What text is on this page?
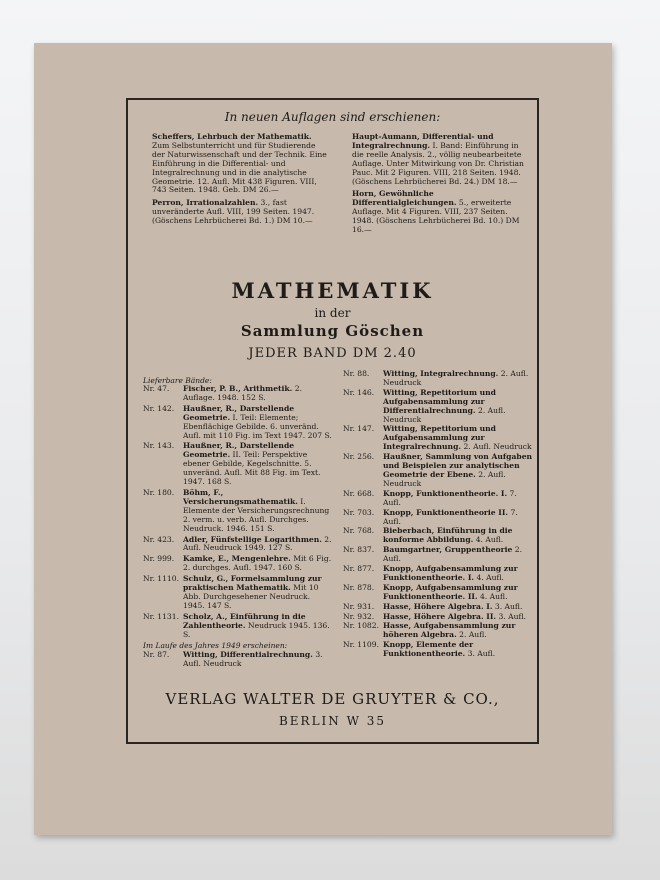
In neuen Auflagen sind erschienen:
Scheffers, Lehrbuch der Mathematik. Zum Selbstunterricht und für Studierende der Naturwissenschaft und der Technik. Eine Einführung in die Differential- und Integralrechnung und in die analytische Geometrie. 12. Aufl. Mit 438 Figuren. VIII, 743 Seiten. 1948. Geb. DM 26.—
Perron, Irrationalzahlen. 3., fast unveränderte Aufl. VIII, 199 Seiten. 1947. (Göschens Lehrbücherei Bd. 1.) DM 10.—
Haupt-Aumann, Differential- und Integralrechnung. I. Band: Einführung in die reelle Analysis. 2., völlig neubearbeitete Auflage. Unter Mitwirkung von Dr. Christian Pauc. Mit 2 Figuren. VIII, 218 Seiten. 1948. (Göschens Lehrbücherei Bd. 24.) DM 18.—
Horn, Gewöhnliche Differentialgleichungen. 5., erweiterte Auflage. Mit 4 Figuren. VIII, 237 Seiten. 1948. (Göschens Lehrbücherei Bd. 10.) DM 16.—
MATHEMATIK
in der
Sammlung Göschen
JEDER BAND DM 2.40
Lieferbare Bände:
Nr. 47.	Fischer, P. B., Arithmetik. 2. Auflage. 1948. 152 S.
Nr. 142.	Haußner, R., Darstellende Geometrie. I. Teil: Elemente; Ebenflächige Gebilde. 6. unveränd. Aufl. mit 110 Fig. im Text 1947. 207 S.
Nr. 143.	Haußner, R., Darstellende Geometrie. II. Teil: Perspektive ebener Gebilde, Kegelschnitte. 5. unveränd. Aufl. Mit 88 Fig. im Text. 1947. 168 S.
Nr. 180.	Böhm, F., Versicherungsmathematik. I. Elemente der Versicherungsrechnung 2. verm. u. verb. Aufl. Durchges. Neudruck. 1946. 151 S.
Nr. 423.	Adler, Fünfstellige Logarithmen. 2. Aufl. Neudruck 1949. 127 S.
Nr. 999.	Kamke, E., Mengenlehre. Mit 6 Fig. 2. durchges. Aufl. 1947. 160 S.
Nr. 1110. Schulz, G., Formelsammlung zur praktischen Mathematik. Mit 10 Abb. Durchgesehener Neudruck. 1945. 147 S.
Nr. 1131. Scholz, A., Einführung in die Zahlentheorie. Neudruck 1945. 136. S.
Im Laufe des Jahres 1949 erscheinen:
Nr. 87.	Witting, Differentialrechnung. 3. Aufl. Neudruck
Nr. 88.	Witting, Integralrechnung. 2. Aufl. Neudruck
Nr. 146.	Witting, Repetitorium und Aufgabensammlung zur Differentialrechnung. 2. Aufl. Neudruck
Nr. 147.	Witting, Repetitorium und Aufgabensammlung zur Integralrechnung. 2. Aufl. Neudruck
Nr. 256.	Haußner, Sammlung von Aufgaben und Beispielen zur analytischen Geometrie der Ebene. 2. Aufl. Neudruck
Nr. 668.	Knopp, Funktionentheorie. I. 7. Aufl.
Nr. 703.	Knopp, Funktionentheorie II. 7. Aufl.
Nr. 768.	Bieberbach, Einführung in die konforme Abbildung. 4. Aufl.
Nr. 837.	Baumgartner, Gruppentheorie 2. Aufl.
Nr. 877.	Knopp, Aufgabensammlung zur Funktionentheorie. I. 4. Aufl.
Nr. 878.	Knopp, Aufgabensammlung zur Funktionentheorie. II. 4. Aufl.
Nr. 931.	Hasse, Höhere Algebra. I. 3. Aufl.
Nr. 932.	Hasse, Höhere Algebra. II. 3. Aufl.
Nr. 1082. Hasse, Aufgabensammlung zur höheren Algebra. 2. Aufl.
Nr. 1109. Knopp, Elemente der Funktionentheorie. 3. Aufl.
VERLAG WALTER DE GRUYTER & CO.,
BERLIN W 35
